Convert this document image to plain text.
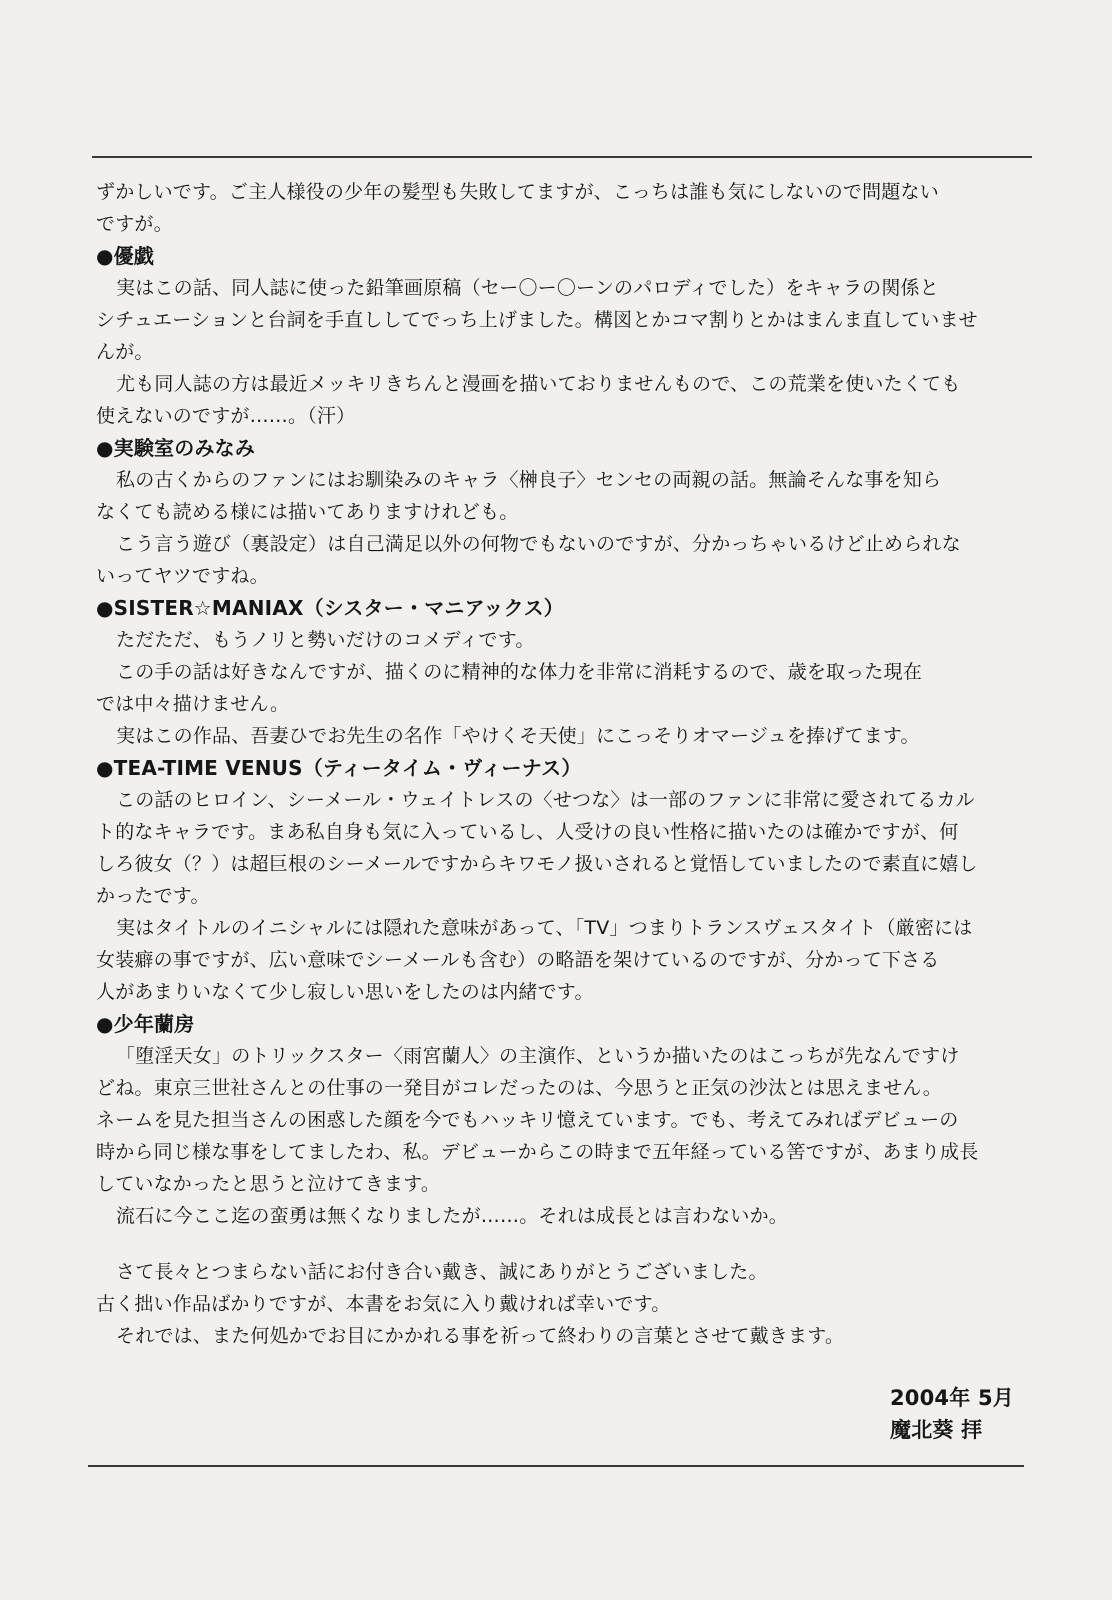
ずかしいです。ご主人様役の少年の髪型も失敗してますが、こっちは誰も気にしないので問題ない
ですが。
●優戯
実はこの話、同人誌に使った鉛筆画原稿（セー〇ー〇ーンのパロディでした）をキャラの関係と
シチュエーションと台詞を手直ししてでっち上げました。構図とかコマ割りとかはまんま直していませ
んが。
尤も同人誌の方は最近メッキリきちんと漫画を描いておりませんもので、この荒業を使いたくても
使えないのですが……。（汗）
●実験室のみなみ
私の古くからのファンにはお馴染みのキャラ〈榊良子〉センセの両親の話。無論そんな事を知ら
なくても読める様には描いてありますけれども。
こう言う遊び（裏設定）は自己満足以外の何物でもないのですが、分かっちゃいるけど止められな
いってヤツですね。
●SISTER☆MANIAX（シスター・マニアックス）
ただただ、もうノリと勢いだけのコメディです。
この手の話は好きなんですが、描くのに精神的な体力を非常に消耗するので、歳を取った現在
では中々描けません。
実はこの作品、吾妻ひでお先生の名作「やけくそ天使」にこっそりオマージュを捧げてます。
●TEA-TIME VENUS（ティータイム・ヴィーナス）
この話のヒロイン、シーメール・ウェイトレスの〈せつな〉は一部のファンに非常に愛されてるカル
ト的なキャラです。まあ私自身も気に入っているし、人受けの良い性格に描いたのは確かですが、何
しろ彼女（？）は超巨根のシーメールですからキワモノ扱いされると覚悟していましたので素直に嬉し
かったです。
実はタイトルのイニシャルには隠れた意味があって、「TV」つまりトランスヴェスタイト（厳密には
女装癖の事ですが、広い意味でシーメールも含む）の略語を架けているのですが、分かって下さる
人があまりいなくて少し寂しい思いをしたのは内緒です。
●少年蘭房
「堕淫天女」のトリックスター〈雨宮蘭人〉の主演作、というか描いたのはこっちが先なんですけ
どね。東京三世社さんとの仕事の一発目がコレだったのは、今思うと正気の沙汰とは思えません。
ネームを見た担当さんの困惑した顔を今でもハッキリ憶えています。でも、考えてみればデビューの
時から同じ様な事をしてましたわ、私。デビューからこの時まで五年経っている筈ですが、あまり成長
していなかったと思うと泣けてきます。
流石に今ここ迄の蛮勇は無くなりましたが……。それは成長とは言わないか。
さて長々とつまらない話にお付き合い戴き、誠にありがとうございました。
古く拙い作品ばかりですが、本書をお気に入り戴ければ幸いです。
それでは、また何処かでお目にかかれる事を祈って終わりの言葉とさせて戴きます。
2004年 5月
魔北葵 拝
